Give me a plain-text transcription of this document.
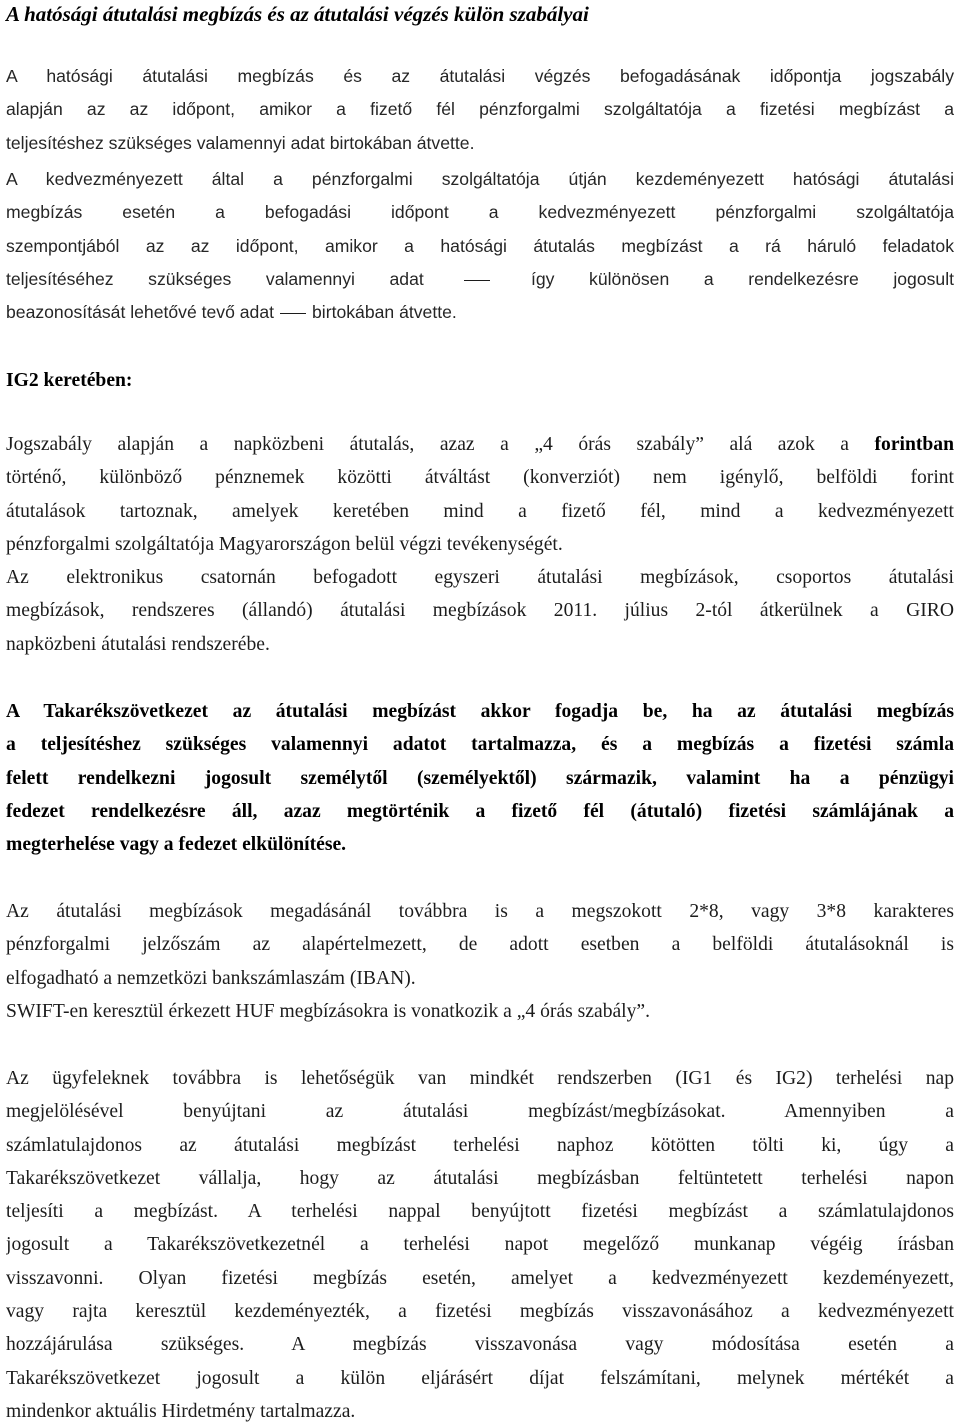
A hatósági átutalási megbízás és az átutalási végzés külön szabályai
A hatósági átutalási megbízás és az átutalási végzés befogadásának időpontja jogszabály
alapján az az időpont, amikor a fizető fél pénzforgalmi szolgáltatója a fizetési megbízást a
teljesítéshez szükséges valamennyi adat birtokában átvette.
A kedvezményezett által a pénzforgalmi szolgáltatója útján kezdeményezett hatósági átutalási
megbízás esetén a befogadási időpont a kedvezményezett pénzforgalmi szolgáltatója
szempontjából az az időpont, amikor a hatósági átutalás megbízást a rá háruló feladatok
teljesítéséhez szükséges valamennyi adat	így különösen a rendelkezésre jogosult
beazonosítását lehetővé tevő adat birtokában átvette.
IG2 keretében:
Jogszabály alapján a napközbeni átutalás, azaz a „4 órás szabály” alá azok a forintban
történő, különböző pénznemek közötti átváltást (konverziót) nem igénylő, belföldi forint
átutalások tartoznak, amelyek keretében mind a fizető fél, mind a kedvezményezett
pénzforgalmi szolgáltatója Magyarországon belül végzi tevékenységét.
Az elektronikus csatornán befogadott egyszeri átutalási megbízások, csoportos átutalási
megbízások, rendszeres (állandó) átutalási megbízások 2011. július 2-tól átkerülnek a GIRO
napközbeni átutalási rendszerébe.
A Takarékszövetkezet az átutalási megbízást akkor fogadja be, ha az átutalási megbízás
a teljesítéshez szükséges valamennyi adatot tartalmazza, és a megbízás a fizetési számla
felett rendelkezni jogosult személytől (személyektől) származik, valamint ha a pénzügyi
fedezet rendelkezésre áll, azaz megtörténik a fizető fél (átutaló) fizetési számlájának a
megterhelése vagy a fedezet elkülönítése.
Az átutalási megbízások megadásánál továbbra is a megszokott 2*8, vagy 3*8 karakteres
pénzforgalmi jelzőszám az alapértelmezett, de adott esetben a belföldi átutalásoknál is
elfogadható a nemzetközi bankszámlaszám (IBAN).
SWIFT-en keresztül érkezett HUF megbízásokra is vonatkozik a „4 órás szabály”.
Az ügyfeleknek továbbra is lehetőségük van mindkét rendszerben (IG1 és IG2) terhelési nap
megjelölésével benyújtani az átutalási megbízást/megbízásokat. Amennyiben a
számlatulajdonos az átutalási megbízást terhelési naphoz kötötten tölti ki, úgy a
Takarékszövetkezet vállalja, hogy az átutalási megbízásban feltüntetett terhelési napon
teljesíti a megbízást. A terhelési nappal benyújtott fizetési megbízást a számlatulajdonos
jogosult a Takarékszövetkezetnél a terhelési napot megelőző munkanap végéig írásban
visszavonni. Olyan fizetési megbízás esetén, amelyet a kedvezményezett kezdeményezett,
vagy rajta keresztül kezdeményezték, a fizetési megbízás visszavonásához a kedvezményezett
hozzájárulása szükséges. A megbízás visszavonása vagy módosítása esetén a
Takarékszövetkezet jogosult a külön eljárásért díjat felszámítani, melynek mértékét a
mindenkor aktuális Hirdetmény tartalmazza.
